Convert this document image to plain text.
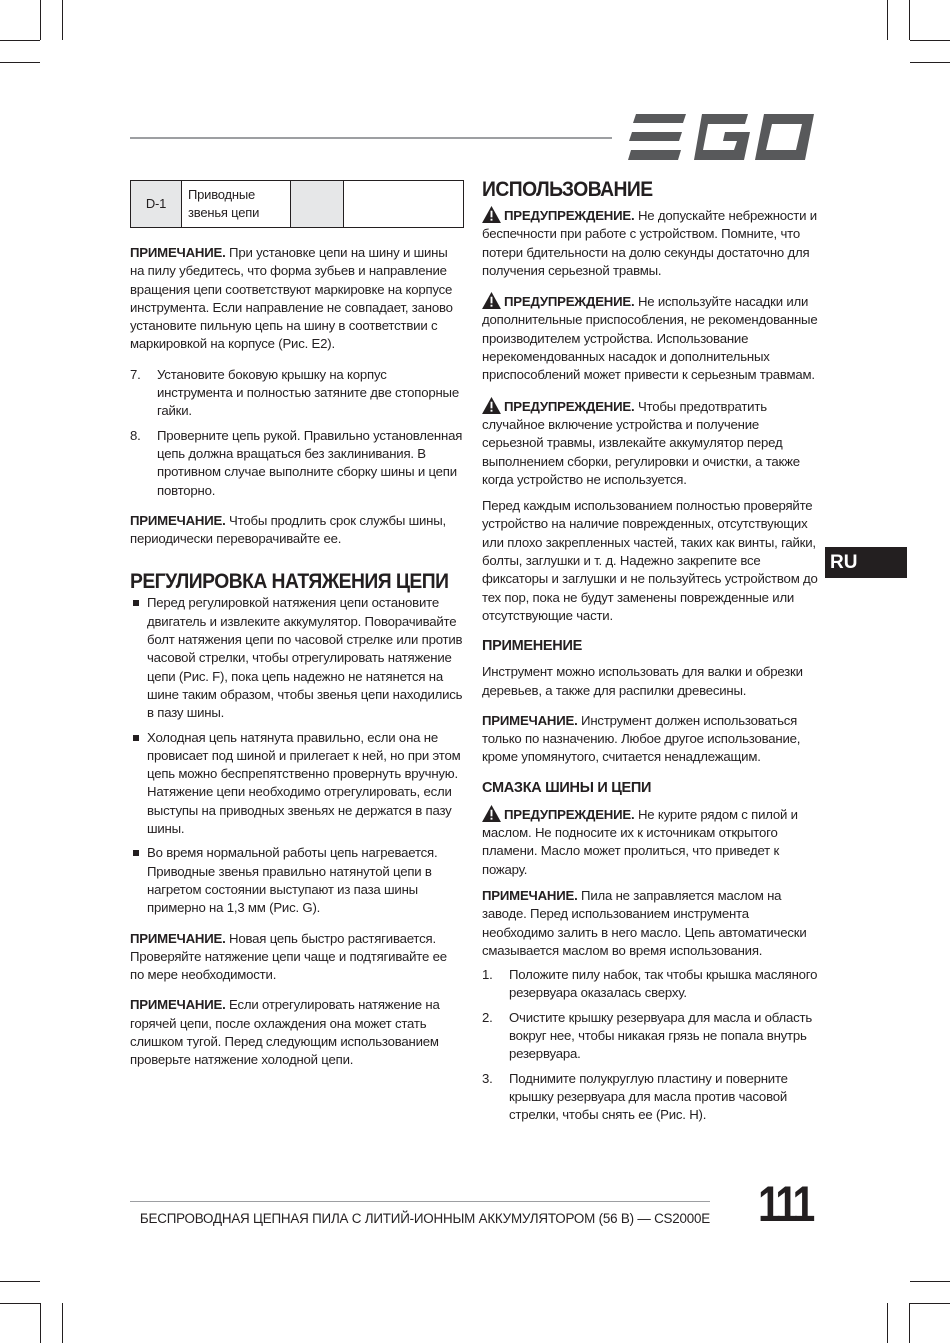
RU
D-1	Приводные звенья цепи		

ПРИМЕЧАНИЕ. При установке цепи на шину и шины на пилу убедитесь, что форма зубьев и направление вращения цепи соответствуют маркировке на корпусе инструмента. Если направление не совпадает, заново установите пильную цепь на шину в соответствии с маркировкой на корпусе (Рис. E2).

7. Установите боковую крышку на корпус инструмента и полностью затяните две стопорные гайки.
8. Проверните цепь рукой. Правильно установленная цепь должна вращаться без заклинивания. В противном случае выполните сборку шины и цепи повторно.

ПРИМЕЧАНИЕ. Чтобы продлить срок службы шины, периодически переворачивайте ее.

РЕГУЛИРОВКА НАТЯЖЕНИЯ ЦЕПИ
Перед регулировкой натяжения цепи остановите двигатель и извлеките аккумулятор. Поворачивайте болт натяжения цепи по часовой стрелке или против часовой стрелки, чтобы отрегулировать натяжение цепи (Рис. F), пока цепь надежно не натянется на шине таким образом, чтобы звенья цепи находились в пазу шины.
Холодная цепь натянута правильно, если она не провисает под шиной и прилегает к ней, но при этом цепь можно беспрепятственно провернуть вручную. Натяжение цепи необходимо отрегулировать, если выступы на приводных звеньях не держатся в пазу шины.
Во время нормальной работы цепь нагревается. Приводные звенья правильно натянутой цепи в нагретом состоянии выступают из паза шины примерно на 1,3 мм (Рис. G).

ПРИМЕЧАНИЕ. Новая цепь быстро растягивается. Проверяйте натяжение цепи чаще и подтягивайте ее по мере необходимости.

ПРИМЕЧАНИЕ. Если отрегулировать натяжение на горячей цепи, после охлаждения она может стать слишком тугой. Перед следующим использованием проверьте натяжение холодной цепи.

ИСПОЛЬЗОВАНИЕ

ПРЕДУПРЕЖДЕНИЕ. Не допускайте небрежности и беспечности при работе с устройством. Помните, что потери бдительности на долю секунды достаточно для получения серьезной травмы.

ПРЕДУПРЕЖДЕНИЕ. Не используйте насадки или дополнительные приспособления, не рекомендованные производителем устройства. Использование нерекомендованных насадок и дополнительных приспособлений может привести к серьезным травмам.

ПРЕДУПРЕЖДЕНИЕ. Чтобы предотвратить случайное включение устройства и получение серьезной травмы, извлекайте аккумулятор перед выполнением сборки, регулировки и очистки, а также когда устройство не используется.

Перед каждым использованием полностью проверяйте устройство на наличие поврежденных, отсутствующих или плохо закрепленных частей, таких как винты, гайки, болты, заглушки и т. д. Надежно закрепите все фиксаторы и заглушки и не пользуйтесь устройством до тех пор, пока не будут заменены поврежденные или отсутствующие части.

ПРИМЕНЕНИЕ

Инструмент можно использовать для валки и обрезки деревьев, а также для распилки древесины.

ПРИМЕЧАНИЕ. Инструмент должен использоваться только по назначению. Любое другое использование, кроме упомянутого, считается ненадлежащим.

СМАЗКА ШИНЫ И ЦЕПИ

ПРЕДУПРЕЖДЕНИЕ. Не курите рядом с пилой и маслом. Не подносите их к источникам открытого пламени. Масло может пролиться, что приведет к пожару.

ПРИМЕЧАНИЕ. Пила не заправляется маслом на заводе. Перед использованием инструмента необходимо залить в него масло. Цепь автоматически смазывается маслом во время использования.

1. Положите пилу набок, так чтобы крышка масляного резервуара оказалась сверху.
2. Очистите крышку резервуара для масла и область вокруг нее, чтобы никакая грязь не попала внутрь резервуара.
3. Поднимите полукруглую пластину и поверните крышку резервуара для масла против часовой стрелки, чтобы снять ее (Рис. H).
БЕСПРОВОДНАЯ ЦЕПНАЯ ПИЛА С ЛИТИЙ-ИОННЫМ АККУМУЛЯТОРОМ (56 В) — CS2000E 111
